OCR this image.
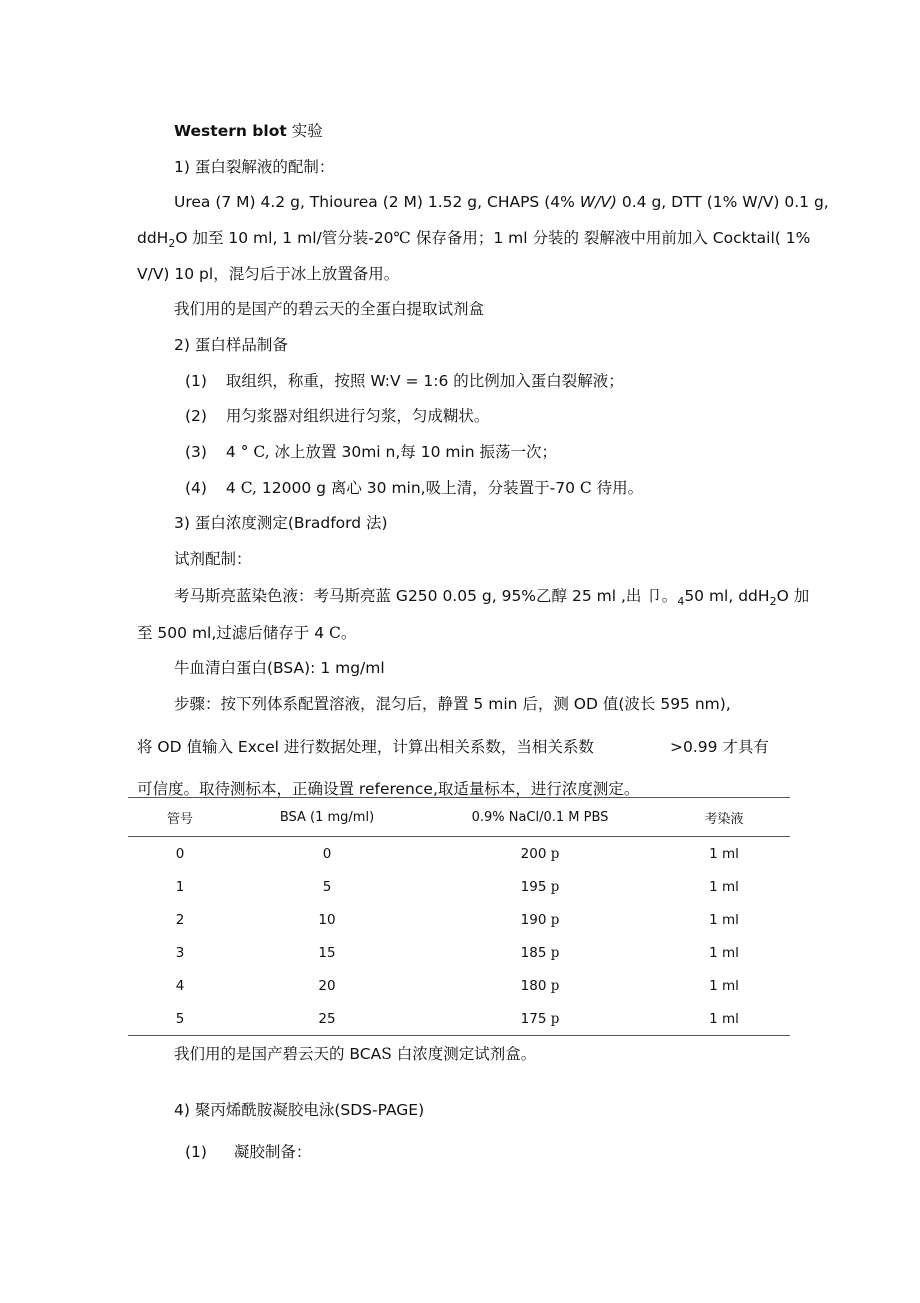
Western blot 实验
1) 蛋白裂解液的配制：
Urea (7 M) 4.2 g, Thiourea (2 M) 1.52 g, CHAPS (4% W/V) 0.4 g, DTT (1% W/V) 0.1 g,
ddH$_2$O 加至 10 ml, 1 ml/管分装-20℃ 保存备用；1 ml 分装的 裂解液中用前加入 Cocktail( 1%
V/V) 10 pl，混匀后于冰上放置备用。
我们用的是国产的碧云天的全蛋白提取试剂盒
2) 蛋白样品制备
(1) 取组织，称重，按照 W:V = 1:6 的比例加入蛋白裂解液；
(2) 用匀浆器对组织进行匀浆，匀成糊状。
(3) 4 ° C, 冰上放置 30mi n,每 10 min 振荡一次；
(4) 4 C, 12000 g 离心 30 min,吸上清，分装置于-70 C 待用。
3) 蛋白浓度测定(Bradford 法)
试剂配制：
考马斯亮蓝染色液：考马斯亮蓝 G250 0.05 g, 95%乙醇 25 ml ,出 卩。$_4$50 ml, ddH$_2$O 加
至 500 ml,过滤后储存于 4 C。
牛血清白蛋白(BSA): 1 mg/ml
步骤：按下列体系配置溶液，混匀后，静置 5 min 后，测 OD 值(波长 595 nm),
将 OD 值输入 Excel 进行数据处理，计算出相关系数，当相关系数	>0.99 才具有
可信度。取待测标本，正确设置 reference,取适量标本，进行浓度测定。
管号	BSA (1 mg/ml)	0.9% NaCl/0.1 M PBS	考染液
0	0	200 p	1 ml
1	5	195 p	1 ml
2	10	190 p	1 ml
3	15	185 p	1 ml
4	20	180 p	1 ml
5	25	175 p	1 ml
我们用的是国产碧云天的 BCAS 白浓度测定试剂盒。
4) 聚丙烯酰胺凝胶电泳(SDS-PAGE)
(1) 凝胶制备：
